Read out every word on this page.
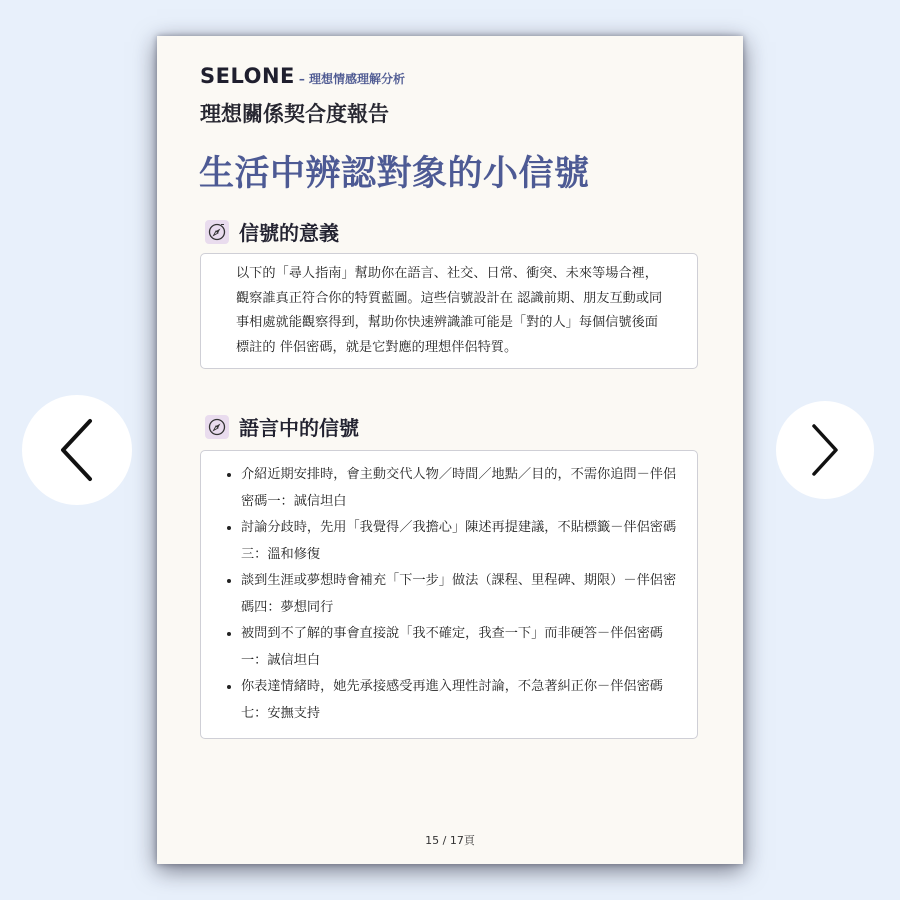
SELONE – 理想情感理解分析
理想關係契合度報告
生活中辨認對象的小信號
信號的意義

以下的「尋人指南」幫助你在語言、社交、日常、衝突、未來等場合裡，觀察誰真正符合你的特質藍圖。這些信號設計在 認識前期、朋友互動或同事相處就能觀察得到，幫助你快速辨識誰可能是「對的人」每個信號後面標註的 伴侶密碼，就是它對應的理想伴侶特質。

語言中的信號
• 介紹近期安排時，會主動交代人物／時間／地點／目的，不需你追問－伴侶密碼一：誠信坦白
• 討論分歧時，先用「我覺得／我擔心」陳述再提建議，不貼標籤－伴侶密碼三：溫和修復
• 談到生涯或夢想時會補充「下一步」做法（課程、里程碑、期限）－伴侶密碼四：夢想同行
• 被問到不了解的事會直接說「我不確定，我查一下」而非硬答－伴侶密碼一：誠信坦白
• 你表達情緒時，她先承接感受再進入理性討論，不急著糾正你－伴侶密碼七：安撫支持
15 / 17頁
